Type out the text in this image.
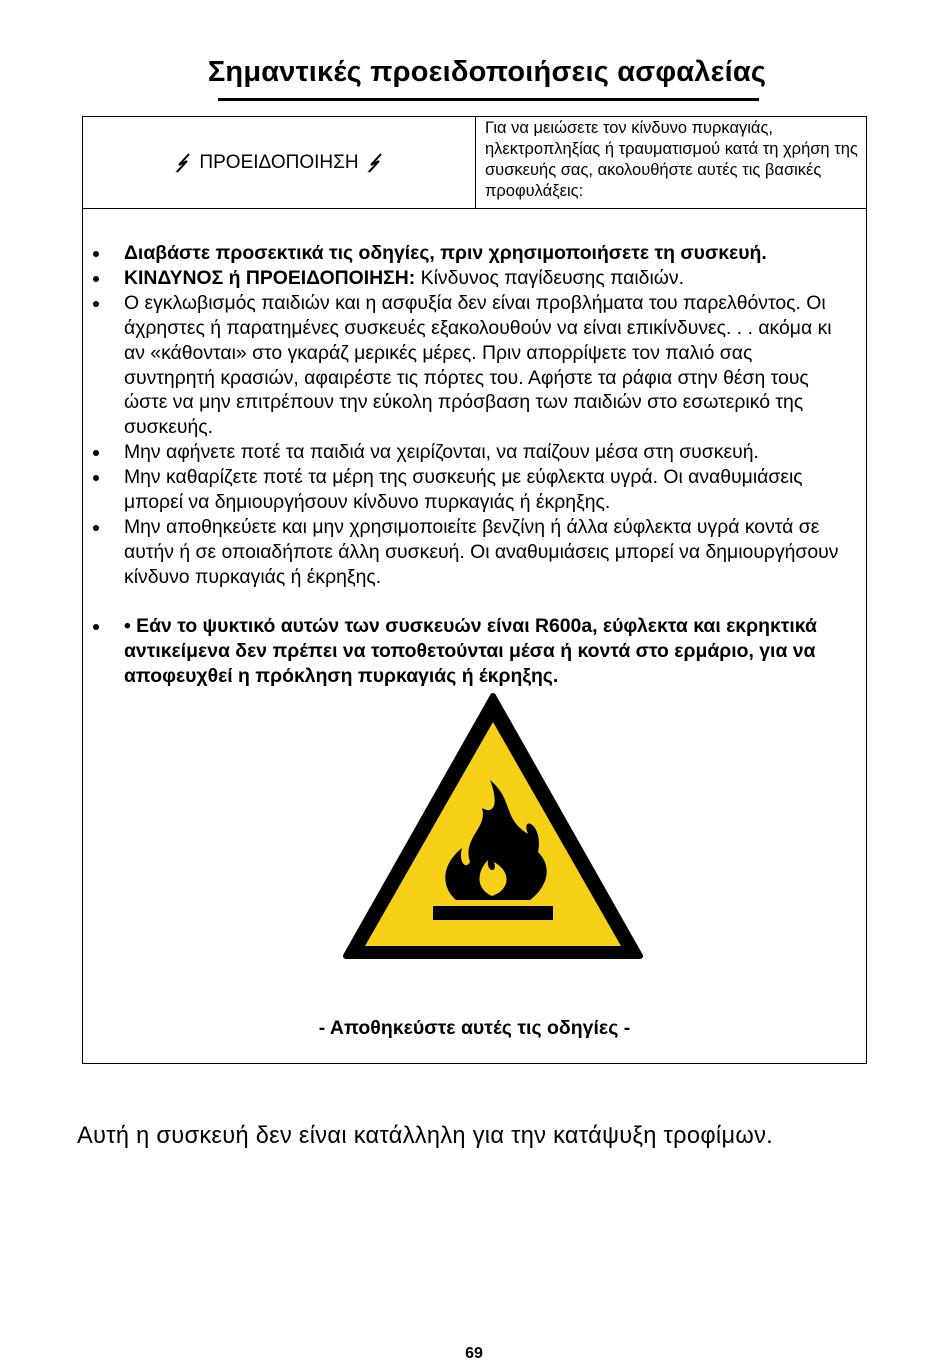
Σημαντικές προειδοποιήσεις ασφαλείας
ΠΡΟΕΙΔΟΠΟΙΗΣΗ
Για να μειώσετε τον κίνδυνο πυρκαγιάς, ηλεκτροπληξίας ή τραυματισμού κατά τη χρήση της συσκευής σας, ακολουθήστε αυτές τις βασικές προφυλάξεις:
Διαβάστε προσεκτικά τις οδηγίες, πριν χρησιμοποιήσετε τη συσκευή.
ΚΙΝΔΥΝΟΣ ή ΠΡΟΕΙΔΟΠΟΙΗΣΗ: Κίνδυνος παγίδευσης παιδιών.
Ο εγκλωβισμός παιδιών και η ασφυξία δεν είναι προβλήματα του παρελθόντος. Οι άχρηστες ή παρατημένες συσκευές εξακολουθούν να είναι επικίνδυνες. . . ακόμα κι αν «κάθονται» στο γκαράζ μερικές μέρες. Πριν απορρίψετε τον παλιό σας συντηρητή κρασιών, αφαιρέστε τις πόρτες του. Αφήστε τα ράφια στην θέση τους ώστε να μην επιτρέπουν την εύκολη πρόσβαση των παιδιών στο εσωτερικό της συσκευής.
Μην αφήνετε ποτέ τα παιδιά να χειρίζονται, να παίζουν μέσα στη συσκευή.
Μην καθαρίζετε ποτέ τα μέρη της συσκευής με εύφλεκτα υγρά. Οι αναθυμιάσεις μπορεί να δημιουργήσουν κίνδυνο πυρκαγιάς ή έκρηξης.
Μην αποθηκεύετε και μην χρησιμοποιείτε βενζίνη ή άλλα εύφλεκτα υγρά κοντά σε αυτήν ή σε οποιαδήποτε άλλη συσκευή. Οι αναθυμιάσεις μπορεί να δημιουργήσουν κίνδυνο πυρκαγιάς ή έκρηξης.
• Εάν το ψυκτικό αυτών των συσκευών είναι R600a, εύφλεκτα και εκρηκτικά αντικείμενα δεν πρέπει να τοποθετούνται μέσα ή κοντά στο ερμάριο, για να αποφευχθεί η πρόκληση πυρκαγιάς ή έκρηξης.
- Αποθηκεύστε αυτές τις οδηγίες -
Αυτή η συσκευή δεν είναι κατάλληλη για την κατάψυξη τροφίμων.
69
